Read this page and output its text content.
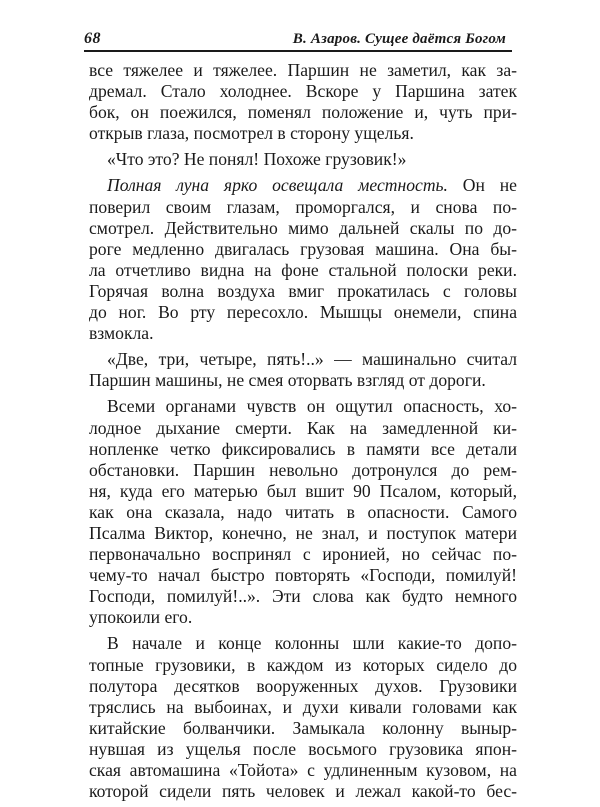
68	В. Азаров. Сущее даётся Богом
все тяжелее и тяжелее. Паршин не заметил, как за-
дремал. Стало холоднее. Вскоре у Паршина затек
бок, он поежился, поменял положение и, чуть при-
открыв глаза, посмотрел в сторону ущелья.
«Что это? Не понял! Похоже грузовик!»
Полная луна ярко освещала местность. Он не
поверил своим глазам, проморгался, и снова по-
смотрел. Действительно мимо дальней скалы по до-
роге медленно двигалась грузовая машина. Она бы-
ла отчетливо видна на фоне стальной полоски реки.
Горячая волна воздуха вмиг прокатилась с головы
до ног. Во рту пересохло. Мышцы онемели, спина
взмокла.
«Две, три, четыре, пять!..» — машинально считал
Паршин машины, не смея оторвать взгляд от дороги.
Всеми органами чувств он ощутил опасность, хо-
лодное дыхание смерти. Как на замедленной ки-
нопленке четко фиксировались в памяти все детали
обстановки. Паршин невольно дотронулся до рем-
ня, куда его матерью был вшит 90 Псалом, который,
как она сказала, надо читать в опасности. Самого
Псалма Виктор, конечно, не знал, и поступок матери
первоначально воспринял с иронией, но сейчас по-
чему-то начал быстро повторять «Господи, помилуй!
Господи, помилуй!..». Эти слова как будто немного
упокоили его.
В начале и конце колонны шли какие-то допо-
топные грузовики, в каждом из которых сидело до
полутора десятков вооруженных духов. Грузовики
тряслись на выбоинах, и духи кивали головами как
китайские болванчики. Замыкала колонну выныр-
нувшая из ущелья после восьмого грузовика япон-
ская автомашина «Тойота» с удлиненным кузовом, на
которой сидели пять человек и лежал какой-то бес-
